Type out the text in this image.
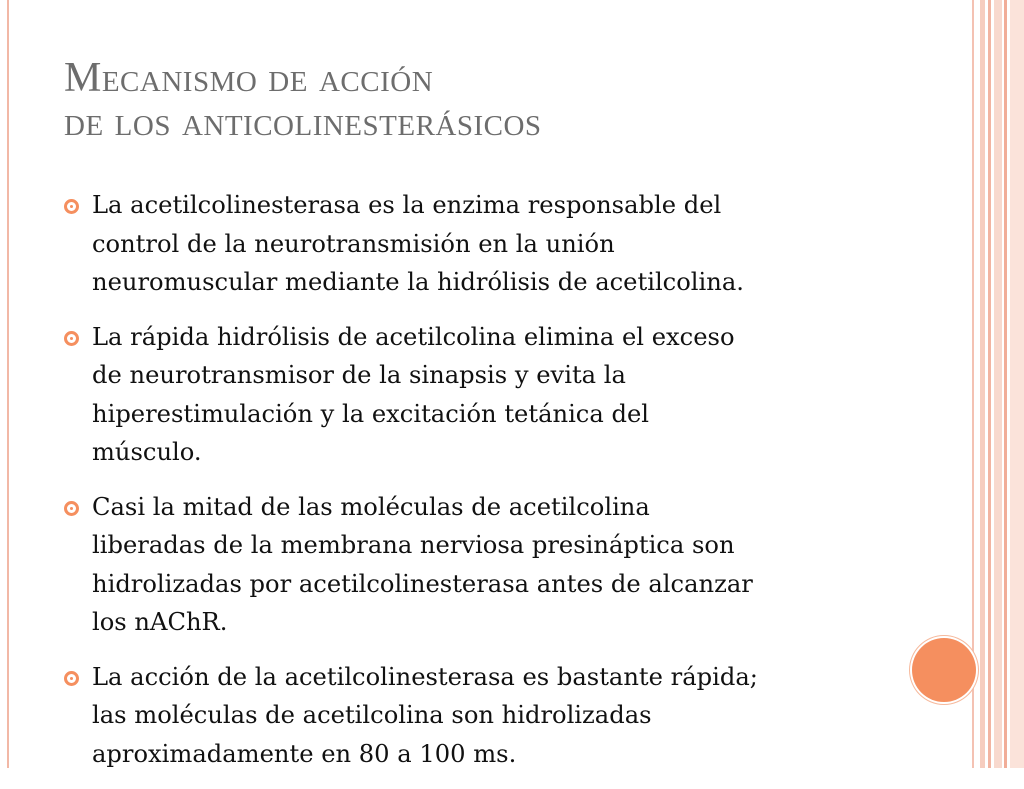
Mecanismo de acción
de los anticolinesterásicos
La acetilcolinesterasa es la enzima responsable del
control de la neurotransmisión en la unión
neuromuscular mediante la hidrólisis de acetilcolina.
La rápida hidrólisis de acetilcolina elimina el exceso
de neurotransmisor de la sinapsis y evita la
hiperestimulación y la excitación tetánica del
músculo.
Casi la mitad de las moléculas de acetilcolina
liberadas de la membrana nerviosa presináptica son
hidrolizadas por acetilcolinesterasa antes de alcanzar
los nAChR.
La acción de la acetilcolinesterasa es bastante rápida;
las moléculas de acetilcolina son hidrolizadas
aproximadamente en 80 a 100 ms.
